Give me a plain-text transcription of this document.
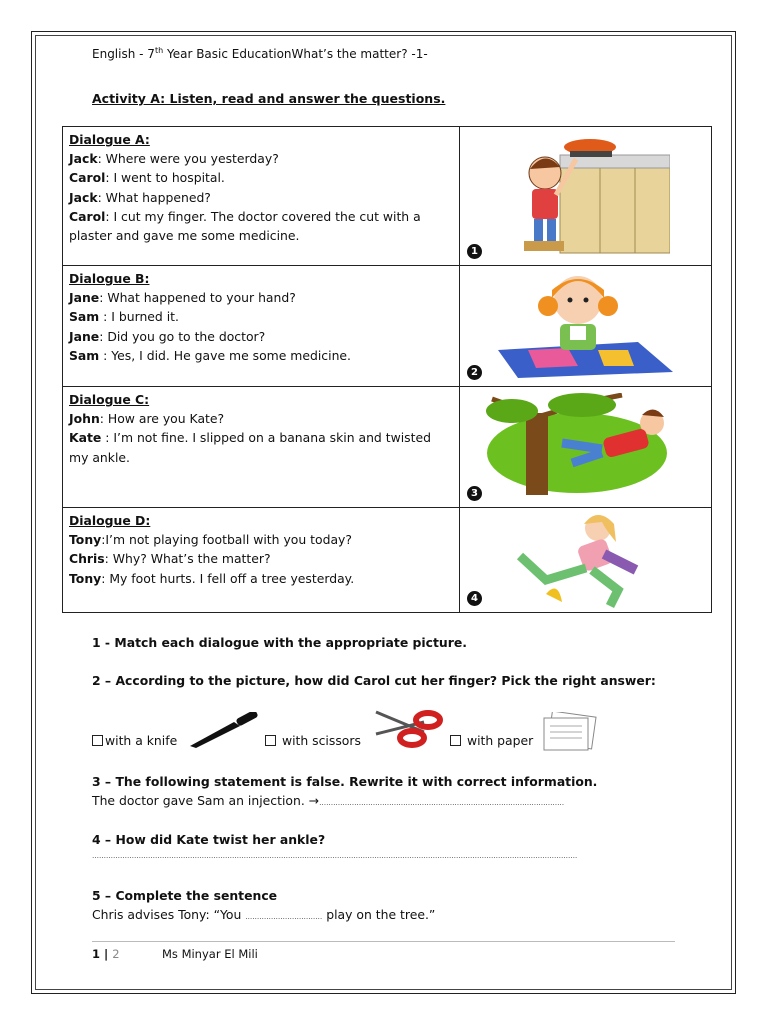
English - 7th Year Basic EducationWhat’s the matter? -1-
Activity A: Listen, read and answer the questions.
Dialogue A:
Jack: Where were you yesterday?
Carol: I went to hospital.
Jack: What happened?
Carol: I cut my finger. The doctor covered the cut with a plaster and gave me some medicine.	1

Dialogue B:
Jane: What happened to your hand?
Sam : I burned it.
Jane: Did you go to the doctor?
Sam : Yes, I did. He gave me some medicine.	2

Dialogue C:
John: How are you Kate?
Kate : I’m not fine. I slipped on a banana skin and twisted my ankle.	3

Dialogue D:
Tony:I’m not playing football with you today?
Chris: Why? What’s the matter?
Tony: My foot hurts. I fell off a tree yesterday.	4
1 - Match each dialogue with the appropriate picture.
2 – According to the picture, how did Carol cut her finger? Pick the right answer:
with a knife	with scissors	with paper
3 – The following statement is false. Rewrite it with correct information.
The doctor gave Sam an injection. →……………………………………………………………………………………………
4 – How did Kate twist her ankle?
……………………………………………………………………………………………………………………………………………………………………………………….
5 – Complete the sentence
Chris advises Tony: “You …………………………… play on the tree.”
1 | 2	Ms Minyar El Mili
